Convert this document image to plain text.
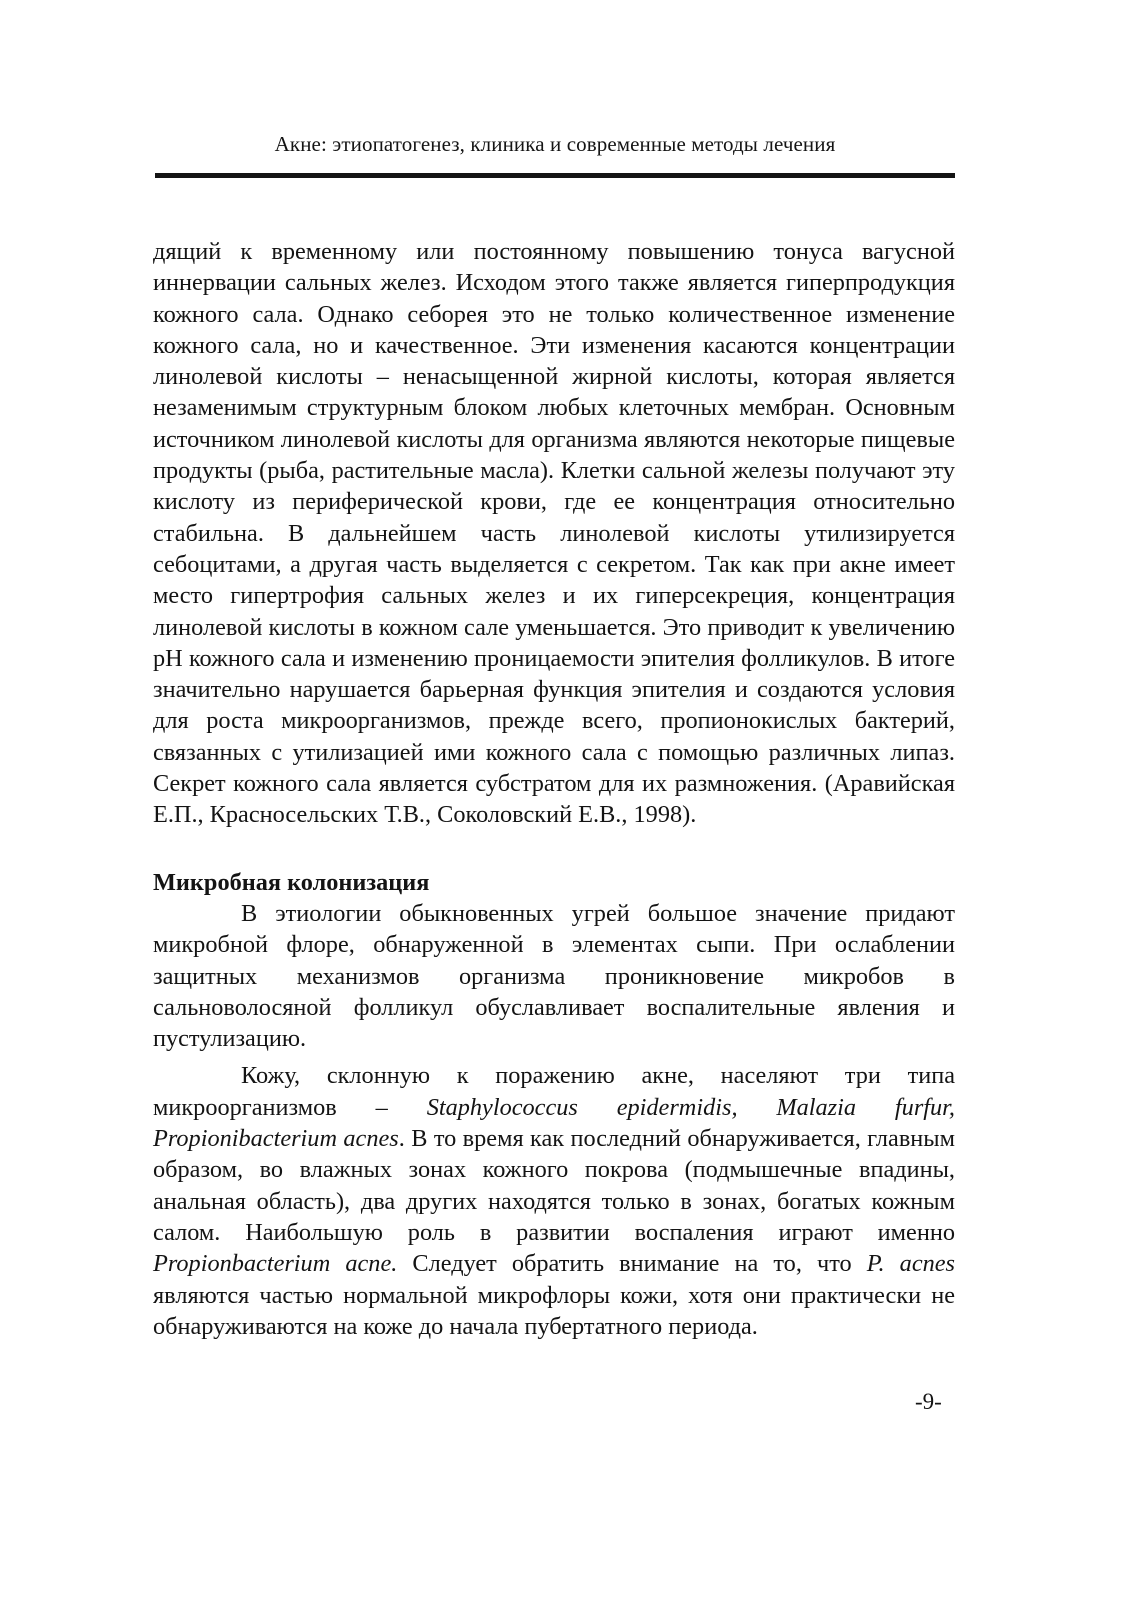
Акне: этиопатогенез, клиника и современные методы лечения

дящий к временному или постоянному повышению тонуса вагусной иннервации сальных желез. Исходом этого также является гиперпродукция кожного сала. Однако себорея это не только количественное изменение кожного сала, но и качественное. Эти изменения касаются концентрации линолевой кислоты – ненасыщенной жирной кислоты, которая является незаменимым структурным блоком любых клеточных мембран. Основным источником линолевой кислоты для организма являются некоторые пищевые продукты (рыба, растительные масла). Клетки сальной железы получают эту кислоту из периферической крови, где ее концентрация относительно стабильна. В дальнейшем часть линолевой кислоты утилизируется себоцитами, а другая часть выделяется с секретом. Так как при акне имеет место гипертрофия сальных желез и их гиперсекреция, концентрация линолевой кислоты в кожном сале уменьшается. Это приводит к увеличению pH кожного сала и изменению проницаемости эпителия фолликулов. В итоге значительно нарушается барьерная функция эпителия и создаются условия для роста микроорганизмов, прежде всего, пропионокислых бактерий, связанных с утилизацией ими кожного сала с помощью различных липаз. Секрет кожного сала является субстратом для их размножения. (Аравийская Е.П., Красносельских Т.В., Соколовский Е.В., 1998).

Микробная колонизация

В этиологии обыкновенных угрей большое значение придают микробной флоре, обнаруженной в элементах сыпи. При ослаблении защитных механизмов организма проникновение микробов в сальноволосяной фолликул обуславливает воспалительные явления и пустулизацию.

Кожу, склонную к поражению акне, населяют три типа микроорганизмов – Staphylococcus epidermidis, Malazia furfur, Propionibacterium acnes. В то время как последний обнаруживается, главным образом, во влажных зонах кожного покрова (подмышечные впадины, анальная область), два других находятся только в зонах, богатых кожным салом. Наибольшую роль в развитии воспаления играют именно Propionbacterium acne. Следует обратить внимание на то, что P. acnes являются частью нормальной микрофлоры кожи, хотя они практически не обнаруживаются на коже до начала пубертатного периода.

-9-
